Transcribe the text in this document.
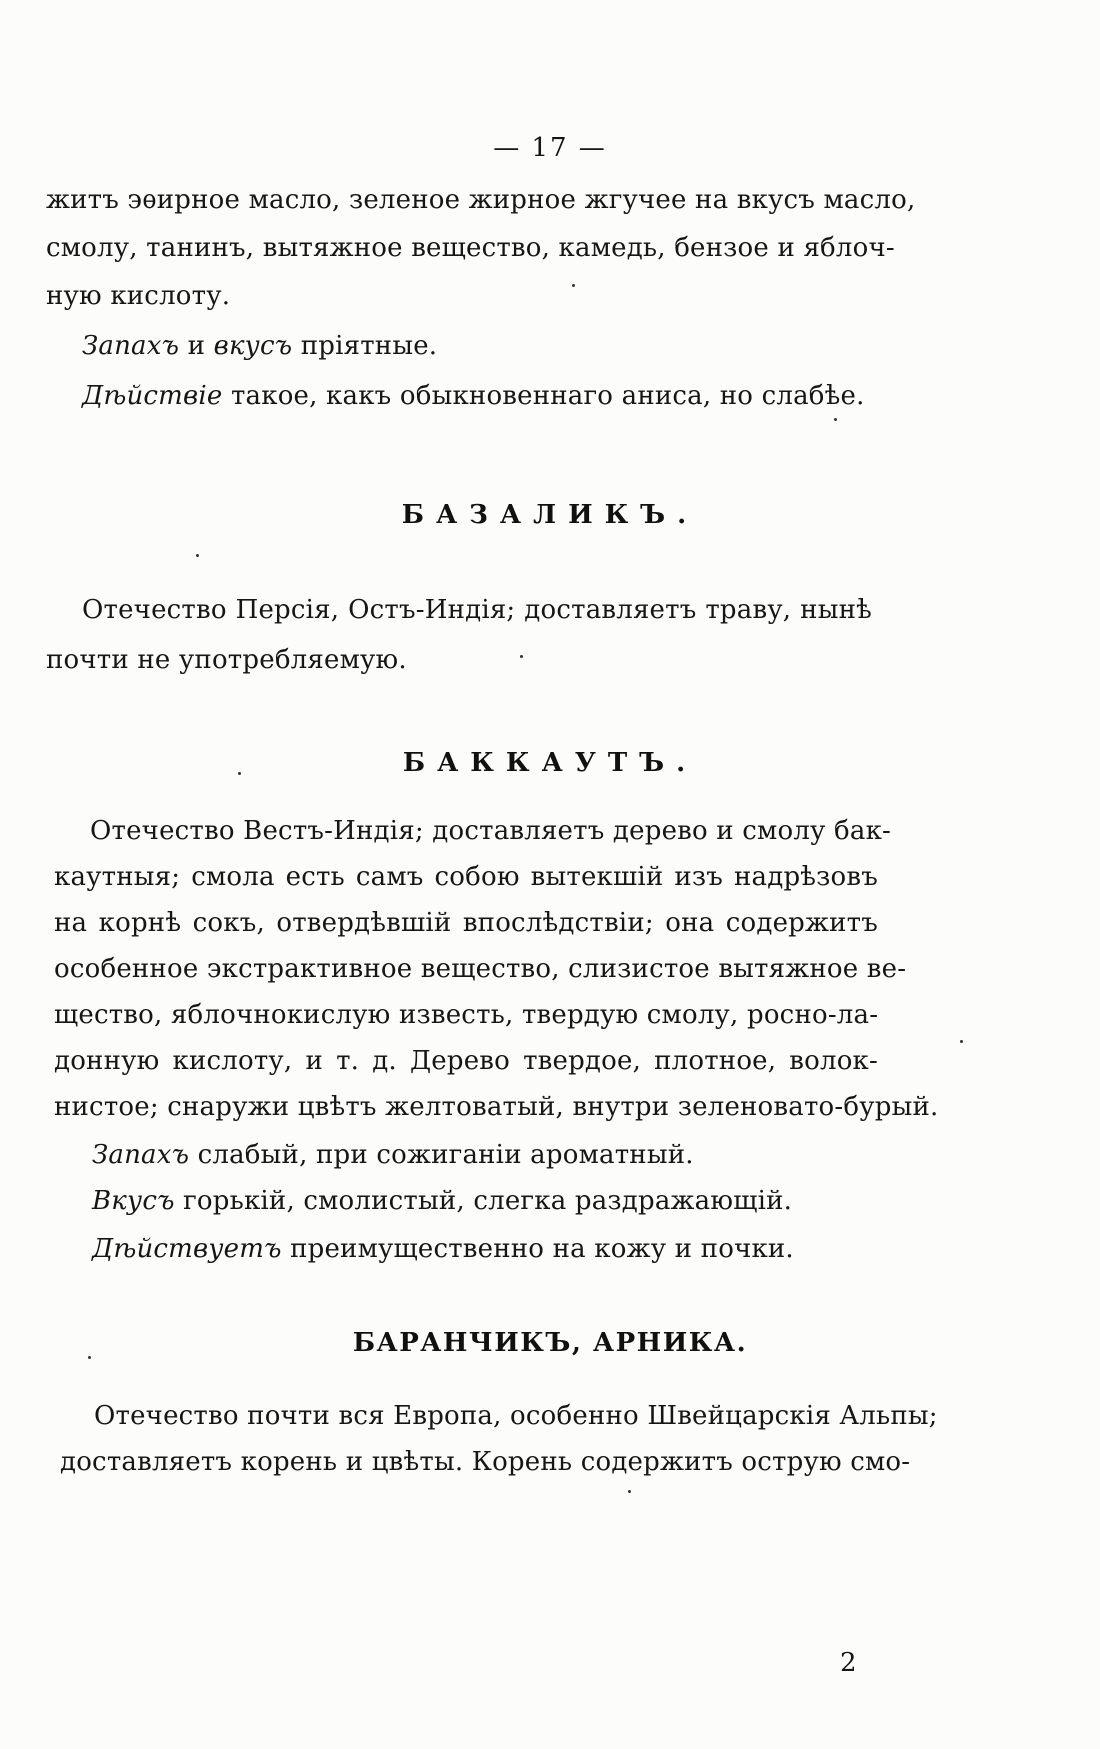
— 17 —
житъ эѳирное масло, зеленое жирное жгучее на вкусъ масло,
смолу, танинъ, вытяжное вещество, камедь, бензое и яблоч-
ную кислоту.
Запахъ и вкусъ пріятные.
Дѣйствіе такое, какъ обыкновеннаго аниса, но слабѣе.
БАЗАЛИКЪ.
Отечество Персія, Остъ-Индія; доставляетъ траву, нынѣ
почти не употребляемую.
БАККАУТЪ.
Отечество Вестъ-Индія; доставляетъ дерево и смолу бак-
каутныя; смола есть самъ собою вытекшій изъ надрѣзовъ
на корнѣ сокъ, отвердѣвшій впослѣдствіи; она содержитъ
особенное экстрактивное вещество, слизистое вытяжное ве-
щество, яблочнокислую известь, твердую смолу, росно-ла-
донную кислоту, и т. д. Дерево твердое, плотное, волок-
нистое; снаружи цвѣтъ желтоватый, внутри зеленовато-бурый.
Запахъ слабый, при сожиганіи ароматный.
Вкусъ горькій, смолистый, слегка раздражающій.
Дѣйствуетъ преимущественно на кожу и почки.
БАРАНЧИКЪ, АРНИКА.
Отечество почти вся Европа, особенно Швейцарскія Альпы;
доставляетъ корень и цвѣты. Корень содержитъ острую смо-
2
